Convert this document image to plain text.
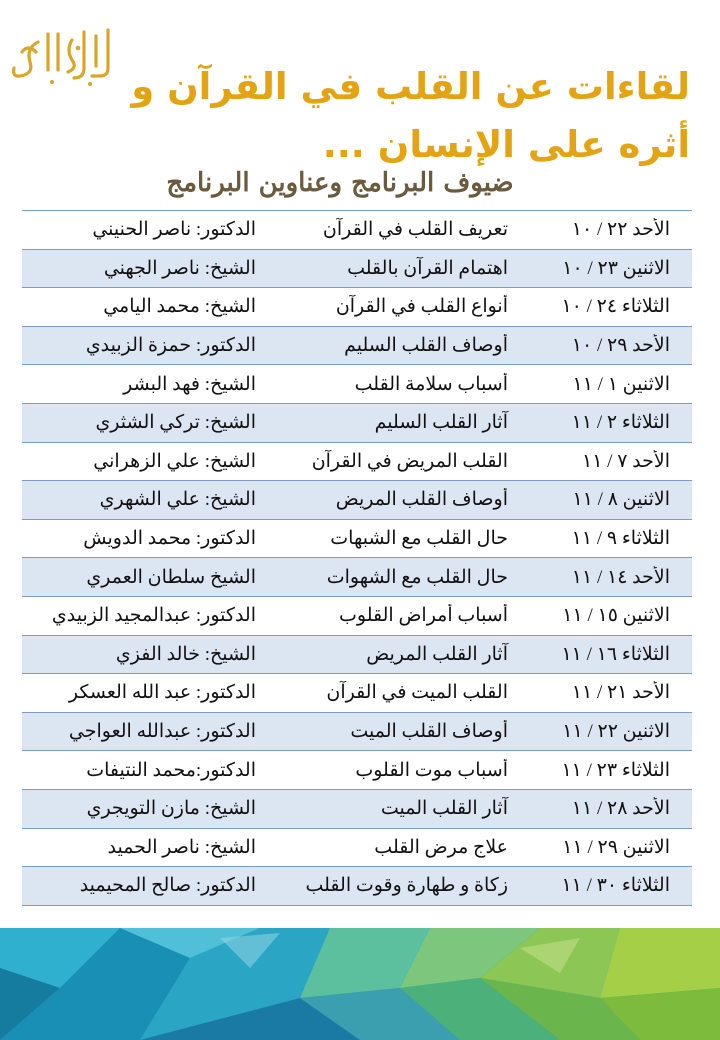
لقاءات عن القلب في القرآن و أثره على الإنسان ...
ضيوف البرنامج وعناوين البرنامج
الأحد ٢٢ / ١٠
تعريف القلب في القرآن
الدكتور: ناصر الحنيني
الاثنين ٢٣ / ١٠
اهتمام القرآن بالقلب
الشيخ: ناصر الجهني
الثلاثاء ٢٤ / ١٠
أنواع القلب في القرآن
الشيخ: محمد اليامي
الأحد ٢٩ / ١٠
أوصاف القلب السليم
الدكتور: حمزة الزبيدي
الاثنين ١ / ١١
أسباب سلامة القلب
الشيخ: فهد البشر
الثلاثاء ٢ / ١١
آثار القلب السليم
الشيخ: تركي الشثري
الأحد ٧ / ١١
القلب المريض في القرآن
الشيخ: علي الزهراني
الاثنين ٨ / ١١
أوصاف القلب المريض
الشيخ: علي الشهري
الثلاثاء ٩ / ١١
حال القلب مع الشبهات
الدكتور: محمد الدويش
الأحد ١٤ / ١١
حال القلب مع الشهوات
الشيخ سلطان العمري
الاثنين ١٥ / ١١
أسباب أمراض القلوب
الدكتور: عبدالمجيد الزبيدي
الثلاثاء ١٦ / ١١
آثار القلب المريض
الشيخ: خالد الفزي
الأحد ٢١ / ١١
القلب الميت في القرآن
الدكتور: عبد الله العسكر
الاثنين ٢٢ / ١١
أوصاف القلب الميت
الدكتور: عبدالله العواجي
الثلاثاء ٢٣ / ١١
أسباب موت القلوب
الدكتور:محمد النتيفات
الأحد ٢٨ / ١١
آثار القلب الميت
الشيخ: مازن التويجري
الاثنين ٢٩ / ١١
علاج مرض القلب
الشيخ: ناصر الحميد
الثلاثاء ٣٠ / ١١
زكاة و طهارة وقوت القلب
الدكتور: صالح المحيميد
